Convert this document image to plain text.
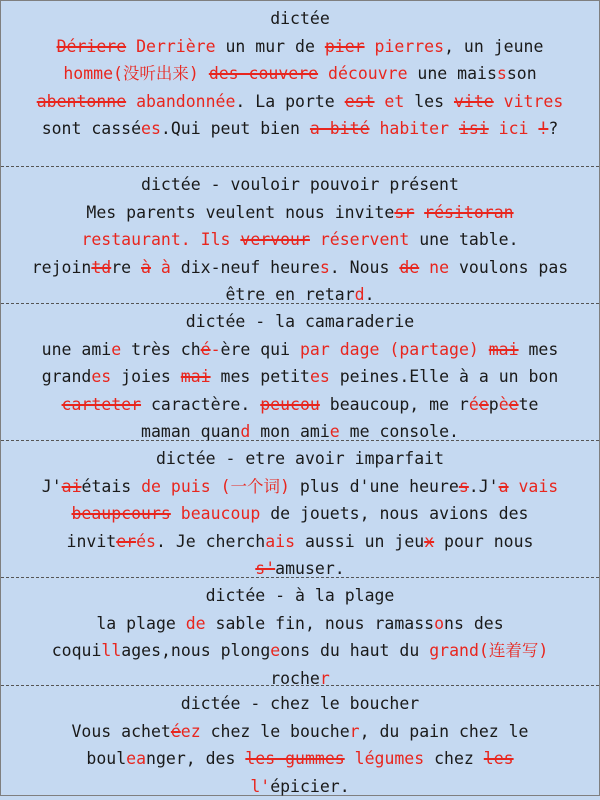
dictée
Dériere Derrière un mur de pier pierres, un jeune
homme(没听出来) des couvere découvre une maissson
abentonne abandonnée. La porte est et les vite vitres
sont cassées.Qui peut bien a bité habiter isi ici !?
dictée - vouloir pouvoir présent
Mes parents veulent nous invitesr résitoran
restaurant. Ils vervour réservent une table.
rejointdre à à dix-neuf heures. Nous de ne voulons pas
être en retard.
dictée - la camaraderie
une amie très ché-ère qui par dage (partage) mai mes
grandes joies mai mes petites peines.Elle à a un bon
carteter caractère. peucou beaucoup, me réepèete
maman quand mon amie me console.
dictée - etre avoir imparfait
J'aiétais de puis (一个词) plus d'une heures.J'a vais
beaupcours beaucoup de jouets, nous avions des
inviterés. Je cherchais aussi un jeux pour nous
s'amuser.
dictée - à la plage
la plage de sable fin, nous ramassons des
coquillages,nous plongeons du haut du grand(连着写)
rocher
dictée - chez le boucher
Vous achetéez chez le boucher, du pain chez le
bouleanger, des les gummes légumes chez les
l'épicier.
